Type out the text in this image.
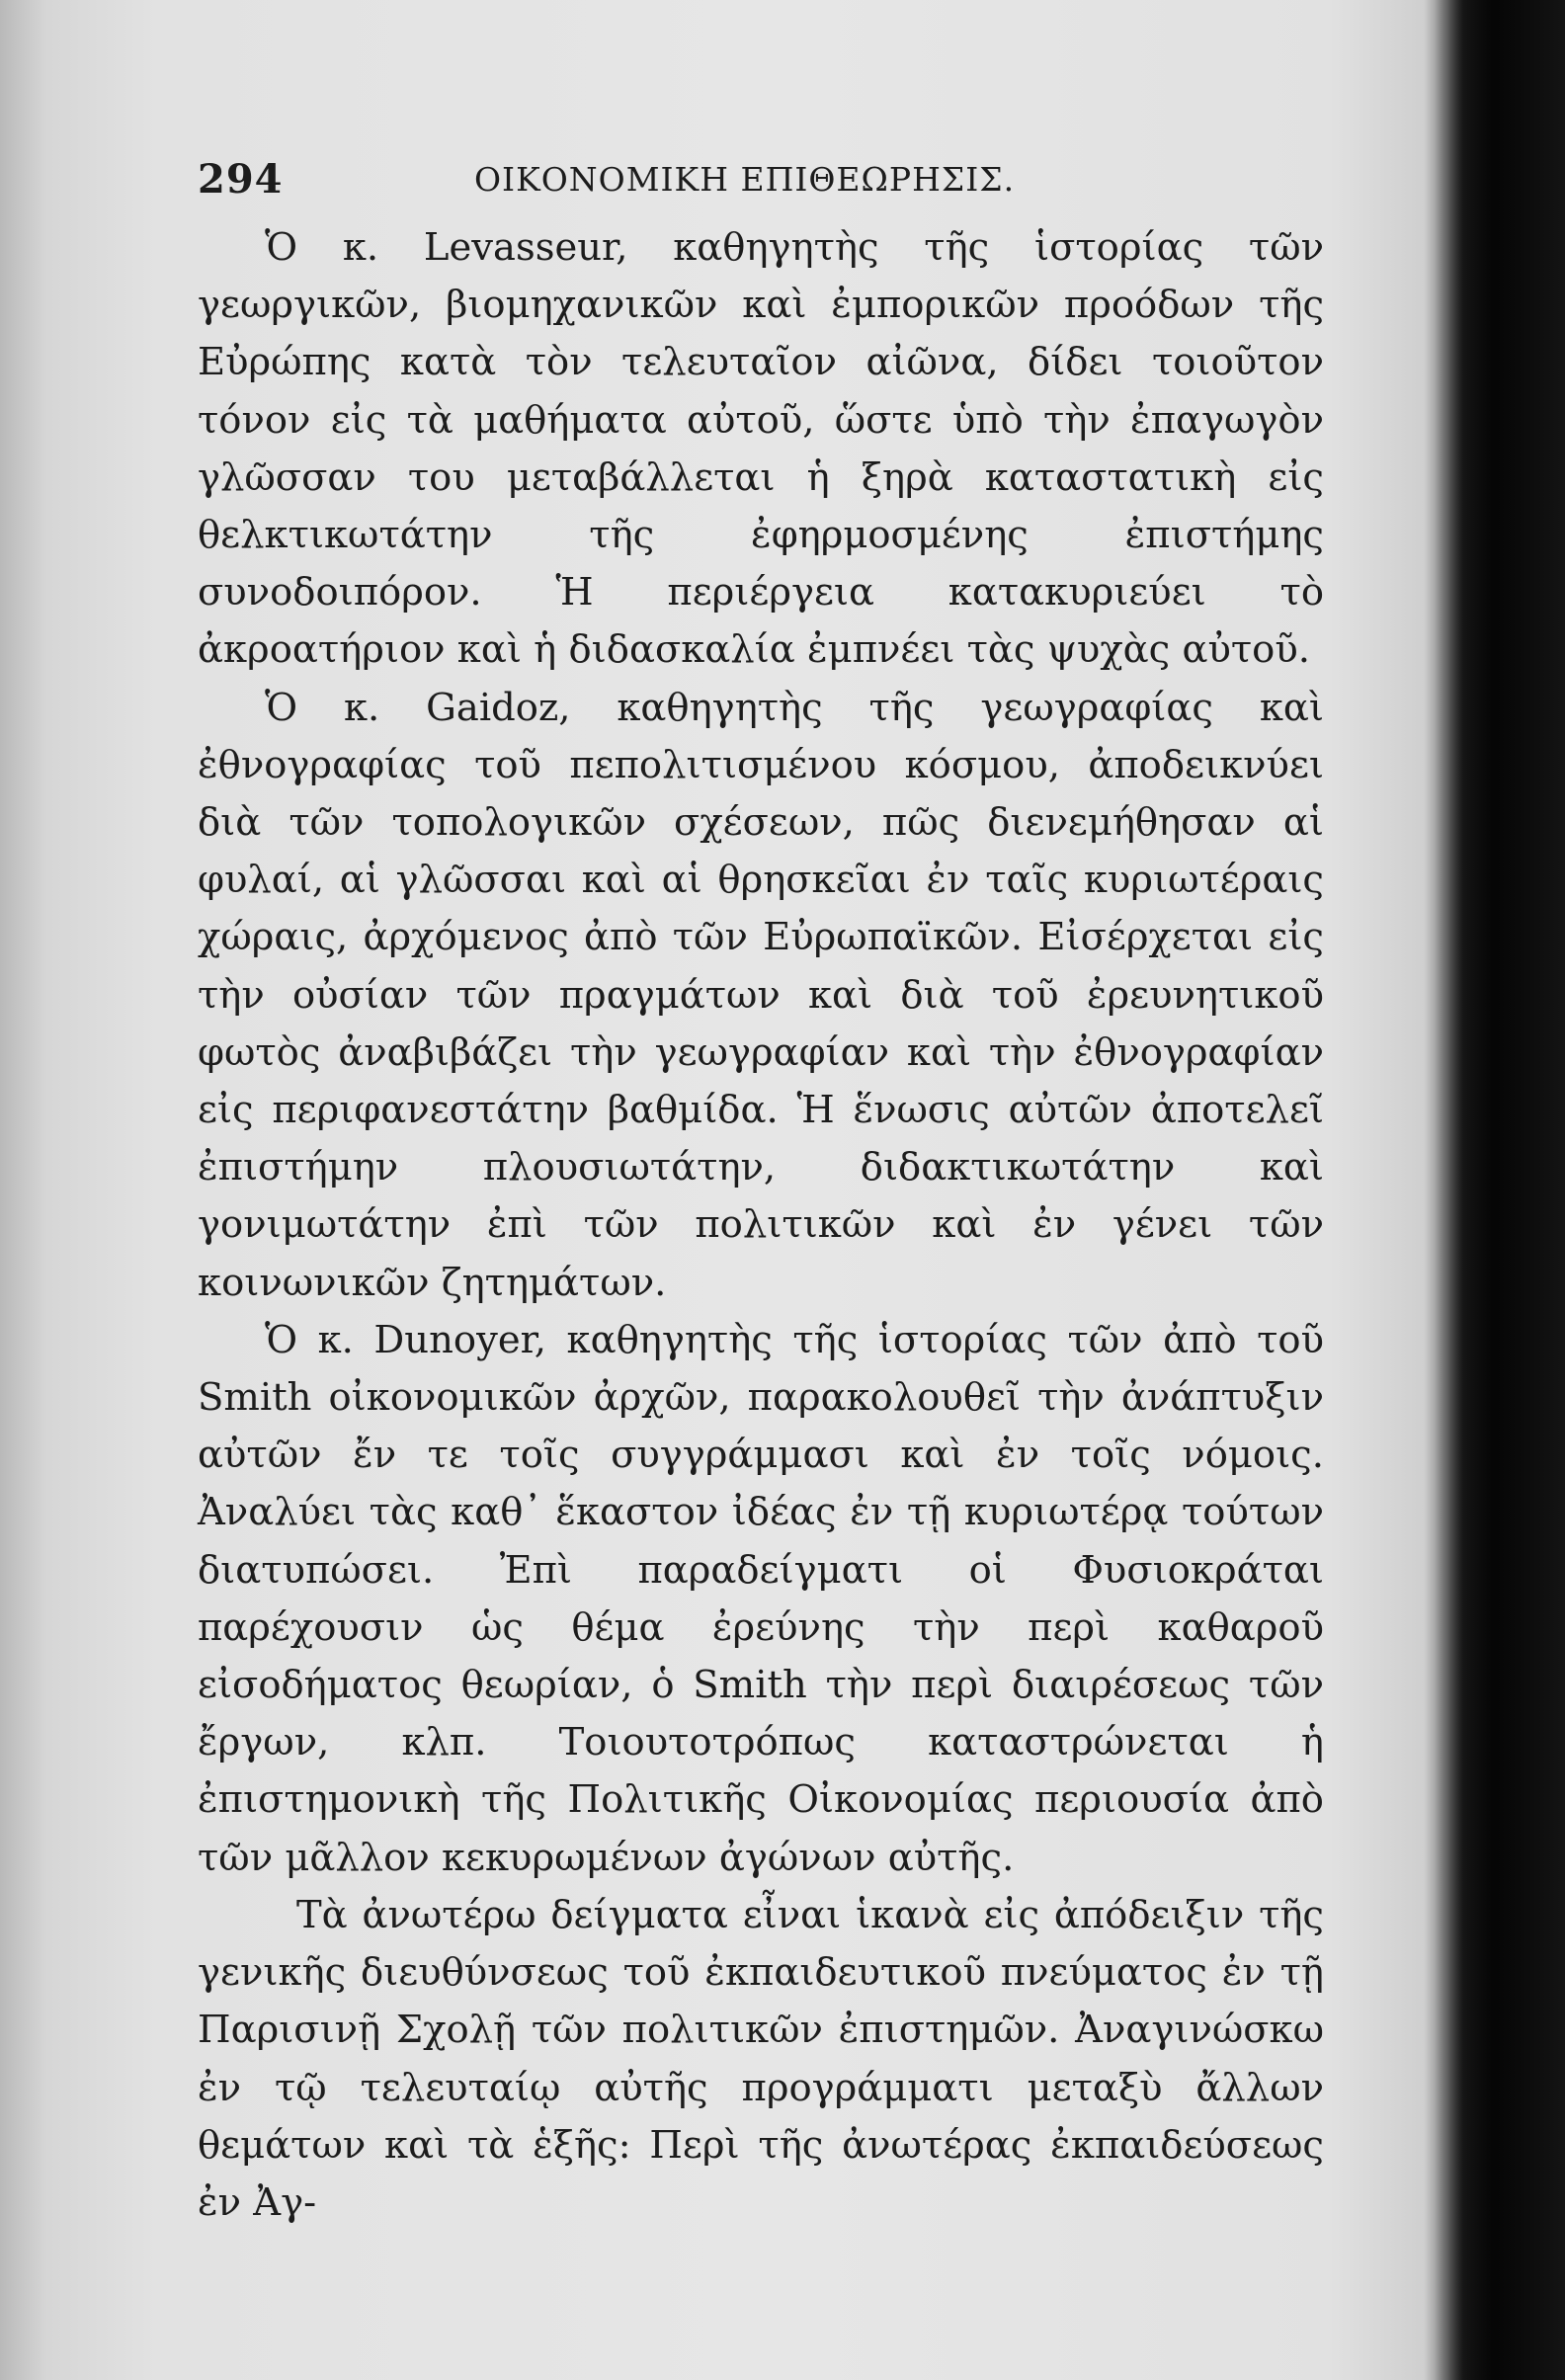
294	ΟΙΚΟΝΟΜΙΚΗ ΕΠΙΘΕΩΡΗΣΙΣ.

Ὁ κ. Levasseur, καθηγητὴς τῆς ἱστορίας τῶν γεωργικῶν, βιομηχανικῶν καὶ ἐμπορικῶν προόδων τῆς Εὐρώπης κατὰ τὸν τελευταῖον αἰῶνα, δίδει τοιοῦτον τόνον εἰς τὰ μαθήματα αὐτοῦ, ὥστε ὑπὸ τὴν ἐπαγωγὸν γλῶσσαν του μεταβάλλεται ἡ ξηρὰ καταστατικὴ εἰς θελκτικωτάτην τῆς ἐφηρμοσμένης ἐπιστήμης συνοδοιπόρον. Ἡ περιέργεια κατακυριεύει τὸ ἀκροατήριον καὶ ἡ διδασκαλία ἐμπνέει τὰς ψυχὰς αὐτοῦ.

Ὁ κ. Gaidoz, καθηγητὴς τῆς γεωγραφίας καὶ ἐθνογραφίας τοῦ πεπολιτισμένου κόσμου, ἀποδεικνύει διὰ τῶν τοπολογικῶν σχέσεων, πῶς διενεμήθησαν αἱ φυλαί, αἱ γλῶσσαι καὶ αἱ θρησκεῖαι ἐν ταῖς κυριωτέραις χώραις, ἀρχόμενος ἀπὸ τῶν Εὐρωπαϊκῶν. Εἰσέρχεται εἰς τὴν οὐσίαν τῶν πραγμάτων καὶ διὰ τοῦ ἐρευνητικοῦ φωτὸς ἀναβιβάζει τὴν γεωγραφίαν καὶ τὴν ἐθνογραφίαν εἰς περιφανεστάτην βαθμίδα. Ἡ ἕνωσις αὐτῶν ἀποτελεῖ ἐπιστήμην πλουσιωτάτην, διδακτικωτάτην καὶ γονιμωτάτην ἐπὶ τῶν πολιτικῶν καὶ ἐν γένει τῶν κοινωνικῶν ζητημάτων.

Ὁ κ. Dunoyer, καθηγητὴς τῆς ἱστορίας τῶν ἀπὸ τοῦ Smith οἰκονομικῶν ἀρχῶν, παρακολουθεῖ τὴν ἀνάπτυξιν αὐτῶν ἔν τε τοῖς συγγράμμασι καὶ ἐν τοῖς νόμοις. Ἀναλύει τὰς καθ᾽ ἕκαστον ἰδέας ἐν τῇ κυριωτέρᾳ τούτων διατυπώσει. Ἐπὶ παραδείγματι οἱ Φυσιοκράται παρέχουσιν ὡς θέμα ἐρεύνης τὴν περὶ καθαροῦ εἰσοδήματος θεωρίαν, ὁ Smith τὴν περὶ διαιρέσεως τῶν ἔργων, κλπ. Τοιουτοτρόπως καταστρώνεται ἡ ἐπιστημονικὴ τῆς Πολιτικῆς Οἰκονομίας περιουσία ἀπὸ τῶν μᾶλλον κεκυρωμένων ἀγώνων αὐτῆς.

Τὰ ἀνωτέρω δείγματα εἶναι ἱκανὰ εἰς ἀπόδειξιν τῆς γενικῆς διευθύνσεως τοῦ ἐκπαιδευτικοῦ πνεύματος ἐν τῇ Παρισινῇ Σχολῇ τῶν πολιτικῶν ἐπιστημῶν. Ἀναγινώσκω ἐν τῷ τελευταίῳ αὐτῆς προγράμματι μεταξὺ ἄλλων θεμάτων καὶ τὰ ἑξῆς: Περὶ τῆς ἀνωτέρας ἐκπαιδεύσεως ἐν Ἀγ-
